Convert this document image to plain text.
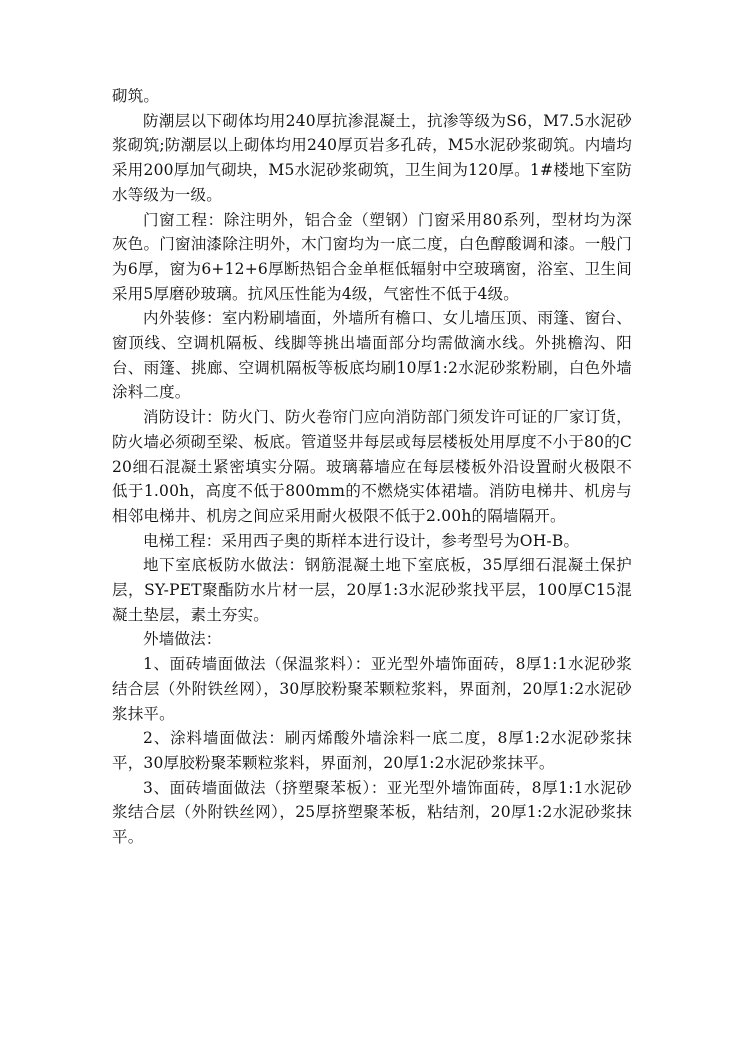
砌筑。

防潮层以下砌体均用240厚抗渗混凝土，抗渗等级为S6，M7.5水泥砂浆砌筑;防潮层以上砌体均用240厚页岩多孔砖，M5水泥砂浆砌筑。内墙均采用200厚加气砌块，M5水泥砂浆砌筑，卫生间为120厚。1#楼地下室防水等级为一级。

门窗工程：除注明外，铝合金（塑钢）门窗采用80系列，型材均为深灰色。门窗油漆除注明外，木门窗均为一底二度，白色醇酸调和漆。一般门为6厚，窗为6+12+6厚断热铝合金单框低辐射中空玻璃窗，浴室、卫生间采用5厚磨砂玻璃。抗风压性能为4级，气密性不低于4级。

内外装修：室内粉刷墙面，外墙所有檐口、女儿墙压顶、雨篷、窗台、窗顶线、空调机隔板、线脚等挑出墙面部分均需做滴水线。外挑檐沟、阳台、雨篷、挑廊、空调机隔板等板底均刷10厚1:2水泥砂浆粉刷，白色外墙涂料二度。

消防设计：防火门、防火卷帘门应向消防部门须发许可证的厂家订货，防火墙必须砌至梁、板底。管道竖井每层或每层楼板处用厚度不小于80的C20细石混凝土紧密填实分隔。玻璃幕墙应在每层楼板外沿设置耐火极限不低于1.00h，高度不低于800mm的不燃烧实体裙墙。消防电梯井、机房与相邻电梯井、机房之间应采用耐火极限不低于2.00h的隔墙隔开。

电梯工程：采用西子奥的斯样本进行设计，参考型号为OH-B。

地下室底板防水做法：钢筋混凝土地下室底板，35厚细石混凝土保护层，SY-PET聚酯防水片材一层，20厚1:3水泥砂浆找平层，100厚C15混凝土垫层，素土夯实。

外墙做法：

1、面砖墙面做法（保温浆料）：亚光型外墙饰面砖，8厚1:1水泥砂浆结合层（外附铁丝网），30厚胶粉聚苯颗粒浆料，界面剂，20厚1:2水泥砂浆抹平。

2、涂料墙面做法：刷丙烯酸外墙涂料一底二度，8厚1:2水泥砂浆抹平，30厚胶粉聚苯颗粒浆料，界面剂，20厚1:2水泥砂浆抹平。

3、面砖墙面做法（挤塑聚苯板）：亚光型外墙饰面砖，8厚1:1水泥砂浆结合层（外附铁丝网），25厚挤塑聚苯板，粘结剂，20厚1:2水泥砂浆抹平。
